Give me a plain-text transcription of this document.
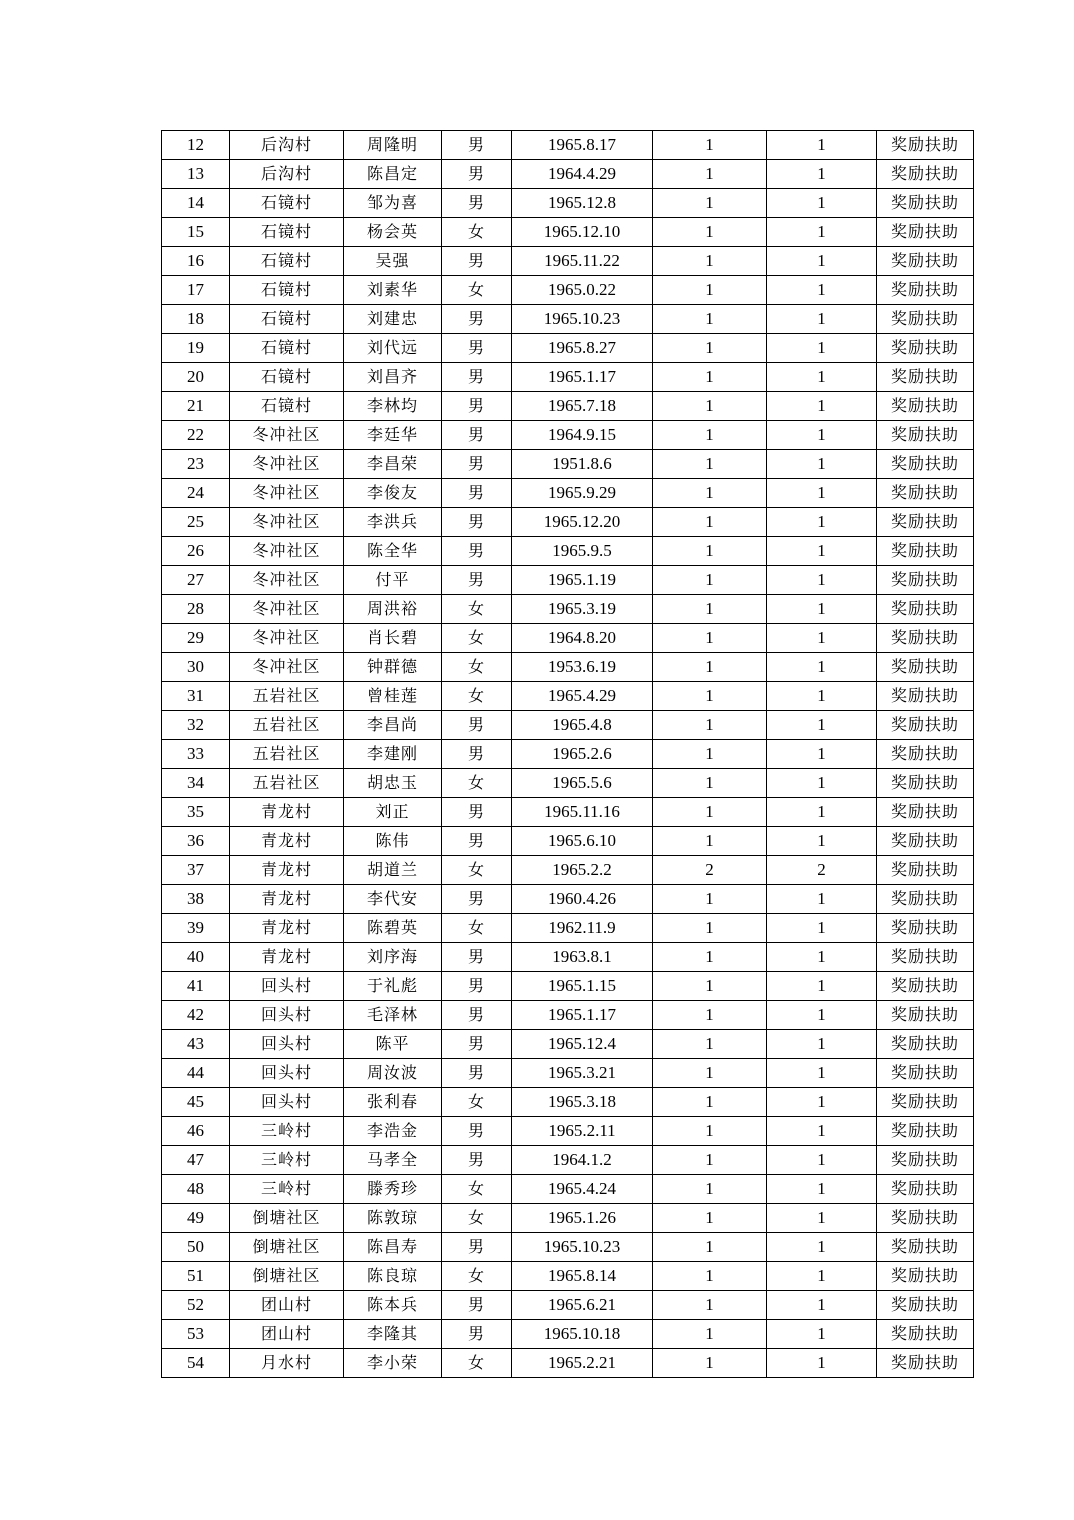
12	后沟村	周隆明	男	1965.8.17	1	1	奖励扶助
13	后沟村	陈昌定	男	1964.4.29	1	1	奖励扶助
14	石镜村	邹为喜	男	1965.12.8	1	1	奖励扶助
15	石镜村	杨会英	女	1965.12.10	1	1	奖励扶助
16	石镜村	吴强	男	1965.11.22	1	1	奖励扶助
17	石镜村	刘素华	女	1965.0.22	1	1	奖励扶助
18	石镜村	刘建忠	男	1965.10.23	1	1	奖励扶助
19	石镜村	刘代远	男	1965.8.27	1	1	奖励扶助
20	石镜村	刘昌齐	男	1965.1.17	1	1	奖励扶助
21	石镜村	李林均	男	1965.7.18	1	1	奖励扶助
22	冬冲社区	李廷华	男	1964.9.15	1	1	奖励扶助
23	冬冲社区	李昌荣	男	1951.8.6	1	1	奖励扶助
24	冬冲社区	李俊友	男	1965.9.29	1	1	奖励扶助
25	冬冲社区	李洪兵	男	1965.12.20	1	1	奖励扶助
26	冬冲社区	陈全华	男	1965.9.5	1	1	奖励扶助
27	冬冲社区	付平	男	1965.1.19	1	1	奖励扶助
28	冬冲社区	周洪裕	女	1965.3.19	1	1	奖励扶助
29	冬冲社区	肖长碧	女	1964.8.20	1	1	奖励扶助
30	冬冲社区	钟群德	女	1953.6.19	1	1	奖励扶助
31	五岩社区	曾桂莲	女	1965.4.29	1	1	奖励扶助
32	五岩社区	李昌尚	男	1965.4.8	1	1	奖励扶助
33	五岩社区	李建刚	男	1965.2.6	1	1	奖励扶助
34	五岩社区	胡忠玉	女	1965.5.6	1	1	奖励扶助
35	青龙村	刘正	男	1965.11.16	1	1	奖励扶助
36	青龙村	陈伟	男	1965.6.10	1	1	奖励扶助
37	青龙村	胡道兰	女	1965.2.2	2	2	奖励扶助
38	青龙村	李代安	男	1960.4.26	1	1	奖励扶助
39	青龙村	陈碧英	女	1962.11.9	1	1	奖励扶助
40	青龙村	刘序海	男	1963.8.1	1	1	奖励扶助
41	回头村	于礼彪	男	1965.1.15	1	1	奖励扶助
42	回头村	毛泽林	男	1965.1.17	1	1	奖励扶助
43	回头村	陈平	男	1965.12.4	1	1	奖励扶助
44	回头村	周汝波	男	1965.3.21	1	1	奖励扶助
45	回头村	张利春	女	1965.3.18	1	1	奖励扶助
46	三岭村	李浩金	男	1965.2.11	1	1	奖励扶助
47	三岭村	马孝全	男	1964.1.2	1	1	奖励扶助
48	三岭村	滕秀珍	女	1965.4.24	1	1	奖励扶助
49	倒塘社区	陈敦琼	女	1965.1.26	1	1	奖励扶助
50	倒塘社区	陈昌寿	男	1965.10.23	1	1	奖励扶助
51	倒塘社区	陈良琼	女	1965.8.14	1	1	奖励扶助
52	团山村	陈本兵	男	1965.6.21	1	1	奖励扶助
53	团山村	李隆其	男	1965.10.18	1	1	奖励扶助
54	月水村	李小荣	女	1965.2.21	1	1	奖励扶助
